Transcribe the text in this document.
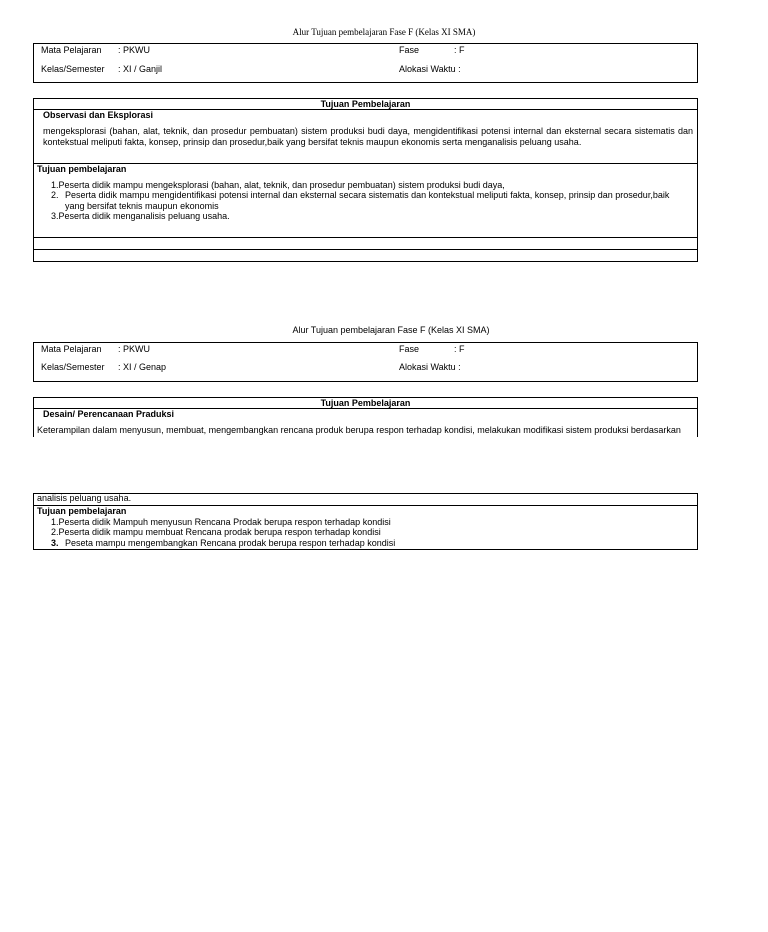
Alur Tujuan pembelajaran Fase F (Kelas XI SMA)
Mata Pelajaran : PKWU	Fase	: F
Kelas/Semester : XI / Ganjil	Alokasi Waktu :
Tujuan Pembelajaran
Observasi dan Eksplorasi
mengeksplorasi (bahan, alat, teknik, dan prosedur pembuatan) sistem produksi budi daya, mengidentifikasi potensi internal dan eksternal secara sistematis dan kontekstual meliputi fakta, konsep, prinsip dan prosedur,baik yang bersifat teknis maupun ekonomis serta menganalisis peluang usaha.
Tujuan pembelajaran
1.Peserta didik mampu mengeksplorasi (bahan, alat, teknik, dan prosedur pembuatan) sistem produksi budi daya,
2. Peserta didik mampu mengidentifikasi potensi internal dan eksternal secara sistematis dan kontekstual meliputi fakta, konsep, prinsip dan prosedur,baik
yang bersifat teknis maupun ekonomis
3.Peserta didik menganalisis peluang usaha.
Alur Tujuan pembelajaran Fase F (Kelas XI SMA)
Mata Pelajaran : PKWU	Fase	: F
Kelas/Semester : XI / Genap	Alokasi Waktu :
Tujuan Pembelajaran
Desain/ Perencanaan Praduksi
Keterampilan dalam menyusun, membuat, mengembangkan rencana produk berupa respon terhadap kondisi, melakukan modifikasi sistem produksi berdasarkan
analisis peluang usaha.
Tujuan pembelajaran
1.Peserta didik Mampuh menyusun Rencana Prodak berupa respon terhadap kondisi
2.Peserta didik mampu membuat Rencana prodak berupa respon terhadap kondisi
3. Peseta mampu mengembangkan Rencana prodak berupa respon terhadap kondisi
